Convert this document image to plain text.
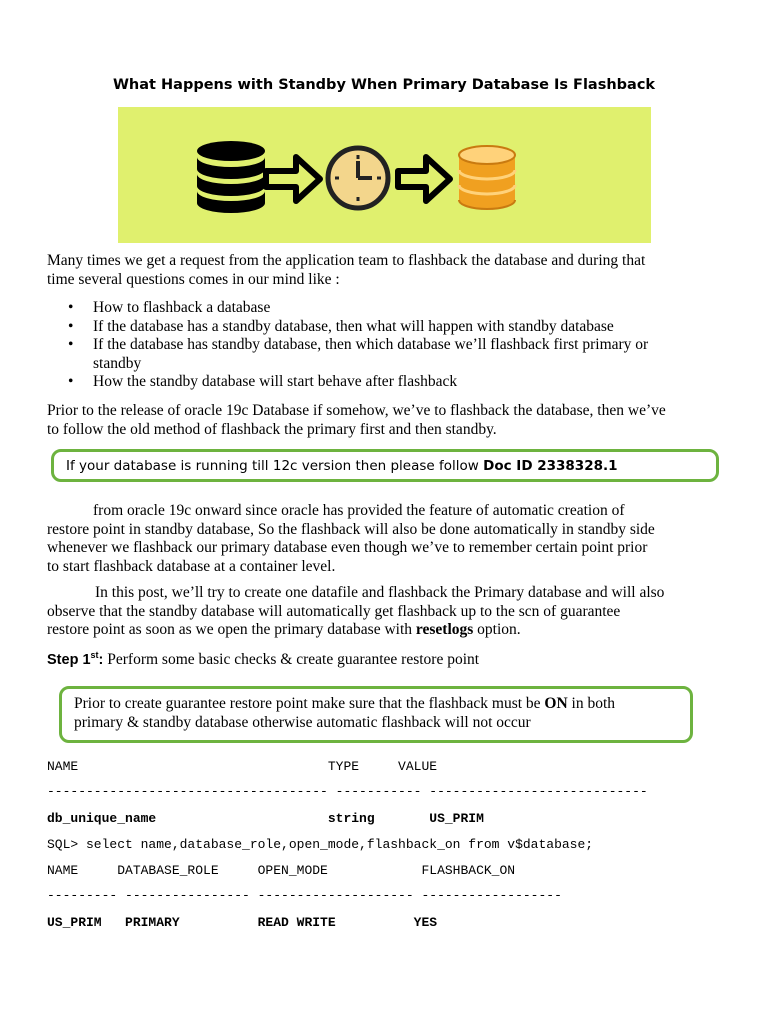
What Happens with Standby When Primary Database Is Flashback
Many times we get a request from the application team to flashback the database and during that
time several questions comes in our mind like :
• How to flashback a database
• If the database has a standby database, then what will happen with standby database
• If the database has standby database, then which database we’ll flashback first primary or
standby
• How the standby database will start behave after flashback
Prior to the release of oracle 19c Database if somehow, we’ve to flashback the database, then we’ve
to follow the old method of flashback the primary first and then standby.
If your database is running till 12c version then please follow Doc ID 2338328.1
from oracle 19c onward since oracle has provided the feature of automatic creation of
restore point in standby database, So the flashback will also be done automatically in standby side
whenever we flashback our primary database even though we’ve to remember certain point prior
to start flashback database at a container level.
In this post, we’ll try to create one datafile and flashback the Primary database and will also
observe that the standby database will automatically get flashback up to the scn of guarantee
restore point as soon as we open the primary database with resetlogs option.
Step 1st: Perform some basic checks & create guarantee restore point
Prior to create guarantee restore point make sure that the flashback must be ON in both
primary & standby database otherwise automatic flashback will not occur
NAME                                TYPE     VALUE
------------------------------------ ----------- ----------------------------
db_unique_name                      string       US_PRIM
SQL> select name,database_role,open_mode,flashback_on from v$database;
NAME     DATABASE_ROLE     OPEN_MODE            FLASHBACK_ON
--------- ---------------- -------------------- ------------------
US_PRIM   PRIMARY          READ WRITE          YES
